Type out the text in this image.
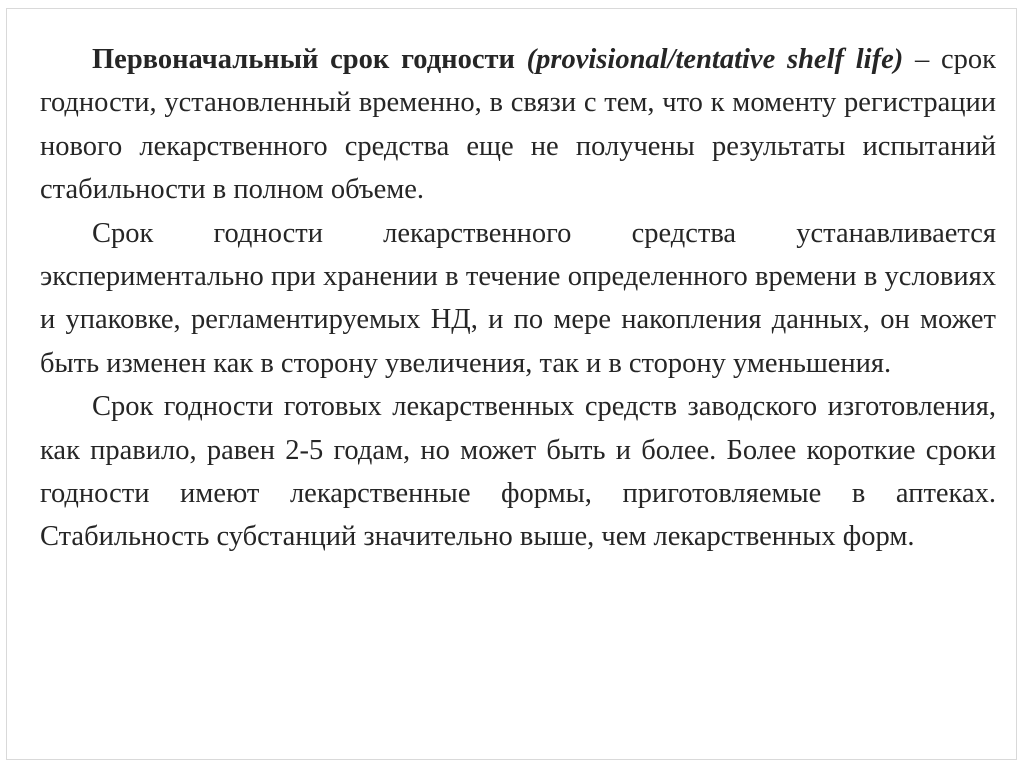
Первоначальный срок годности (provisional/tentative shelf life) – срок годности, установленный временно, в связи с тем, что к моменту регистрации нового лекарственного средства еще не получены результаты испытаний стабильности в полном объеме.

Срок годности лекарственного средства устанавливается экспериментально при хранении в течение определенного времени в условиях и упаковке, регламентируемых НД, и по мере накопления данных, он может быть изменен как в сторону увеличения, так и в сторону уменьшения.

Срок годности готовых лекарственных средств заводского изготовления, как правило, равен 2-5 годам, но может быть и более. Более короткие сроки годности имеют лекарственные формы, приготовляемые в аптеках. Стабильность субстанций значительно выше, чем лекарственных форм.
